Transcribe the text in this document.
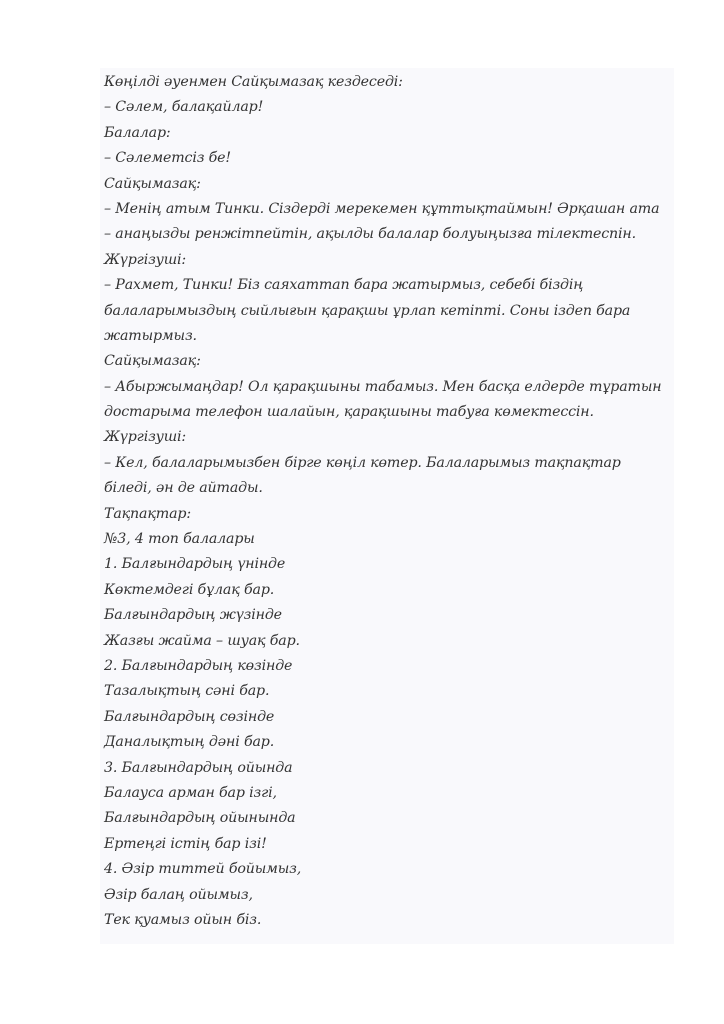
Көңілді әуенмен Сайқымазақ кездеседі:
– Сәлем, балақайлар!
Балалар:
– Сәлеметсіз бе!
Сайқымазақ:
– Менің атым Тинки. Сіздерді мерекемен құттықтаймын! Әрқашан ата
– анаңызды ренжітпейтін, ақылды балалар болуыңызға тілектеспін.
Жүргізуші:
– Рахмет, Тинки! Біз саяхаттап бара жатырмыз, себебі біздің
балаларымыздың сыйлығын қарақшы ұрлап кетіпті. Соны іздеп бара
жатырмыз.
Сайқымазақ:
– Абыржымаңдар! Ол қарақшыны табамыз. Мен басқа елдерде тұратын
достарыма телефон шалайын, қарақшыны табуға көмектессін.
Жүргізуші:
– Кел, балаларымызбен бірге көңіл көтер. Балаларымыз тақпақтар
біледі, ән де айтады.
Тақпақтар:
№3, 4 топ балалары
1. Балғындардың үнінде
Көктемдегі бұлақ бар.
Балғындардың жүзінде
Жазғы жайма – шуақ бар.
2. Балғындардың көзінде
Тазалықтың сәні бар.
Балғындардың сөзінде
Даналықтың дәні бар.
3. Балғындардың ойында
Балауса арман бар ізгі,
Балғындардың ойынында
Ертеңгі істің бар ізі!
4. Әзір титтей бойымыз,
Әзір балаң ойымыз,
Тек қуамыз ойын біз.
